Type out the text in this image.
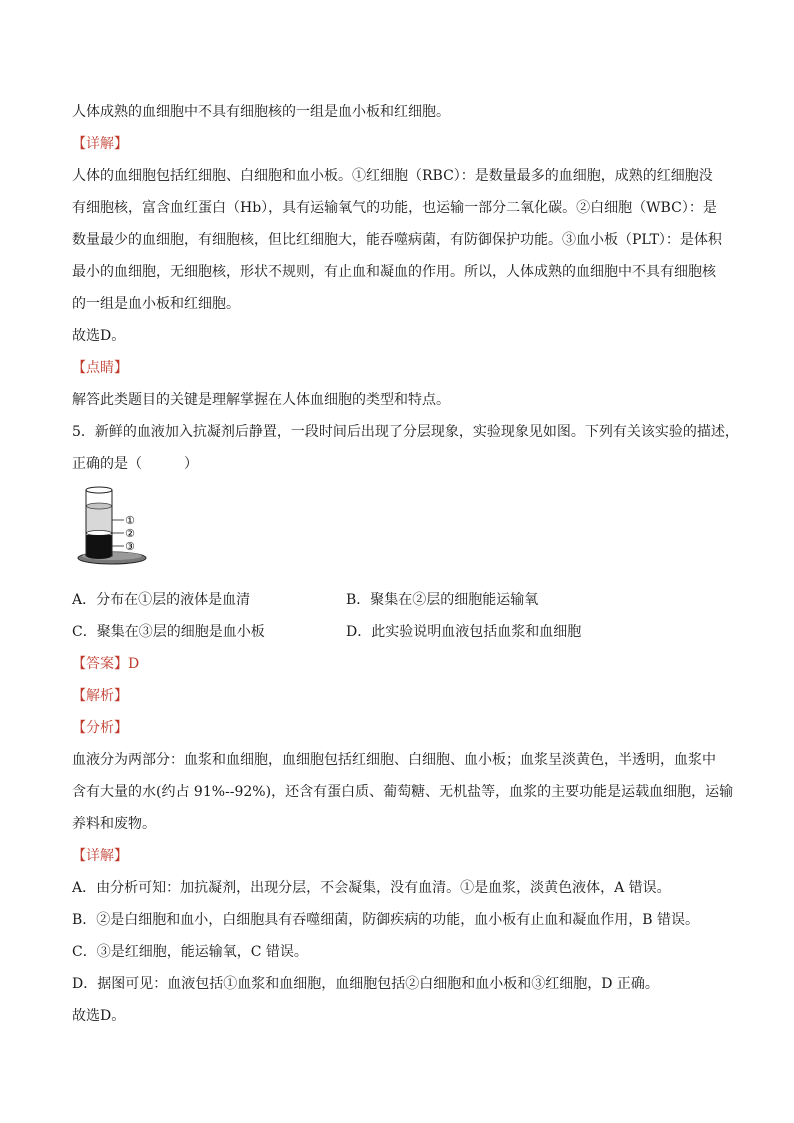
人体成熟的血细胞中不具有细胞核的一组是血小板和红细胞。
【详解】
人体的血细胞包括红细胞、白细胞和血小板。①红细胞（RBC）：是数量最多的血细胞，成熟的红细胞没
有细胞核，富含血红蛋白（Hb），具有运输氧气的功能，也运输一部分二氧化碳。②白细胞（WBC）：是
数量最少的血细胞，有细胞核，但比红细胞大，能吞噬病菌，有防御保护功能。③血小板（PLT）：是体积
最小的血细胞，无细胞核，形状不规则，有止血和凝血的作用。所以，人体成熟的血细胞中不具有细胞核
的一组是血小板和红细胞。
故选D。
【点睛】
解答此类题目的关键是理解掌握在人体血细胞的类型和特点。
5．新鲜的血液加入抗凝剂后静置，一段时间后出现了分层现象，实验现象见如图。下列有关该实验的描述，
正确的是（　　　）
①
②
③
A．分布在①层的液体是血清	B．聚集在②层的细胞能运输氧
C．聚集在③层的细胞是血小板	D．此实验说明血液包括血浆和血细胞
【答案】D
【解析】
【分析】
血液分为两部分：血浆和血细胞，血细胞包括红细胞、白细胞、血小板；血浆呈淡黄色，半透明，血浆中
含有大量的水(约占 91%--92%)，还含有蛋白质、葡萄糖、无机盐等，血浆的主要功能是运载血细胞，运输
养料和废物。
【详解】
A．由分析可知：加抗凝剂，出现分层，不会凝集，没有血清。①是血浆，淡黄色液体，A 错误。
B．②是白细胞和血小，白细胞具有吞噬细菌，防御疾病的功能，血小板有止血和凝血作用，B 错误。
C．③是红细胞，能运输氧，C 错误。
D．据图可见：血液包括①血浆和血细胞，血细胞包括②白细胞和血小板和③红细胞，D 正确。
故选D。
